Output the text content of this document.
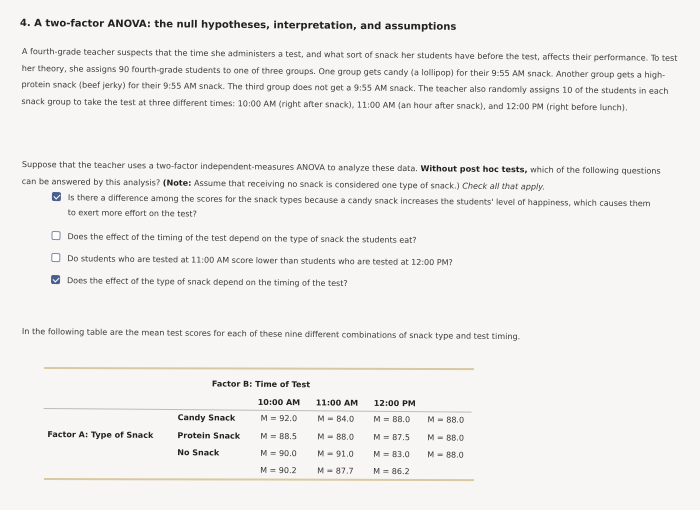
4. A two-factor ANOVA: the null hypotheses, interpretation, and assumptions
A fourth-grade teacher suspects that the time she administers a test, and what sort of snack her students have before the test, affects their performance. To test her theory, she assigns 90 fourth-grade students to one of three groups. One group gets candy (a lollipop) for their 9:55 AM snack. Another group gets a high-protein snack (beef jerky) for their 9:55 AM snack. The third group does not get a 9:55 AM snack. The teacher also randomly assigns 10 of the students in each snack group to take the test at three different times: 10:00 AM (right after snack), 11:00 AM (an hour after snack), and 12:00 PM (right before lunch).
Suppose that the teacher uses a two-factor independent-measures ANOVA to analyze these data. Without post hoc tests, which of the following questions can be answered by this analysis? (Note: Assume that receiving no snack is considered one type of snack.) Check all that apply.
Is there a difference among the scores for the snack types because a candy snack increases the students' level of happiness, which causes them to exert more effort on the test?
Does the effect of the timing of the test depend on the type of snack the students eat?
Do students who are tested at 11:00 AM score lower than students who are tested at 12:00 PM?
Does the effect of the type of snack depend on the timing of the test?
In the following table are the mean test scores for each of these nine different combinations of snack type and test timing.
Factor B: Time of Test
10:00 AM 11:00 AM 12:00 PM
Factor A: Type of Snack
Candy Snack	M = 92.0	M = 84.0 M = 88.0 M = 88.0
Protein Snack	M = 88.5	M = 88.0 M = 87.5 M = 88.0
No Snack	M = 90.0	M = 91.0 M = 83.0 M = 88.0
M = 90.2	M = 87.7 M = 86.2
